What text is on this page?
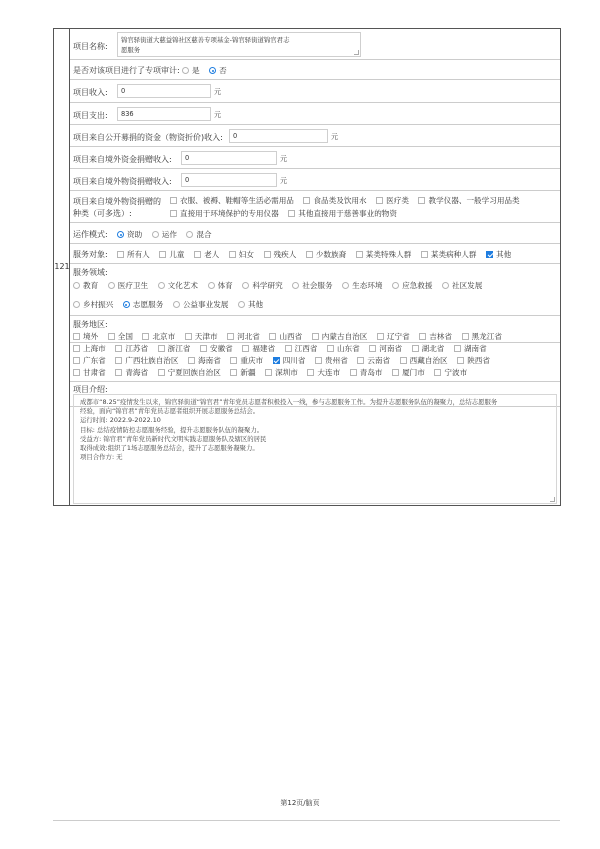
121
项目名称:
锦官驿街道大慈益锦社区慈善专项基金-锦官驿街道锦官君志
愿服务
是否对该项目进行了专项审计:	是	否
项目收入:	0	元
项目支出:	836	元
项目来自公开募捐的资金（物资折价)收入:	0	元
项目来自境外资金捐赠收入:	0	元
项目来自境外物资捐赠收入:	0	元
项目来自境外物资捐赠的
种类（可多选）:
衣服、被褥、鞋帽等生活必需用品	食品类及饮用水	医疗类	教学仪器、一般学习用品类
直接用于环境保护的专用仪器	其他直接用于慈善事业的物资
运作模式:	资助	运作	混合
服务对象:	所有人	儿童	老人	妇女	残疾人	少数族裔	某类特殊人群	某类病种人群	其他
服务领域:
教育	医疗卫生	文化艺术	体育	科学研究	社会服务	生态环境	应急救援	社区发展
乡村振兴	志愿服务	公益事业发展	其他
服务地区:
境外	全国	北京市	天津市	河北省	山西省	内蒙古自治区	辽宁省	吉林省	黑龙江省
上海市	江苏省	浙江省	安徽省	福建省	江西省	山东省	河南省	湖北省	湖南省
广东省	广西壮族自治区	海南省	重庆市	四川省	贵州省	云南省	西藏自治区	陕西省
甘肃省	青海省	宁夏回族自治区	新疆	深圳市	大连市	青岛市	厦门市	宁波市
项目介绍:

成都市“8.25”疫情发生以来，锦官驿街道“锦官君”青年党员志愿者积极投入一线，参与志愿服务工作。为提升志愿服务队伍的凝聚力，总结志愿服务

经验，面向“锦官君”青年党员志愿者组织开展志愿服务总结会。

运行时间: 2022.9-2022.10

目标: 总结疫情防控志愿服务经验，提升志愿服务队伍的凝聚力。

受益方: 锦官君”青年党员新时代文明实践志愿服务队及辖区的居民

取得成效:组织了1场志愿服务总结会，提升了志愿服务凝聚力。

项目合作方: 无

第12页/脑页
